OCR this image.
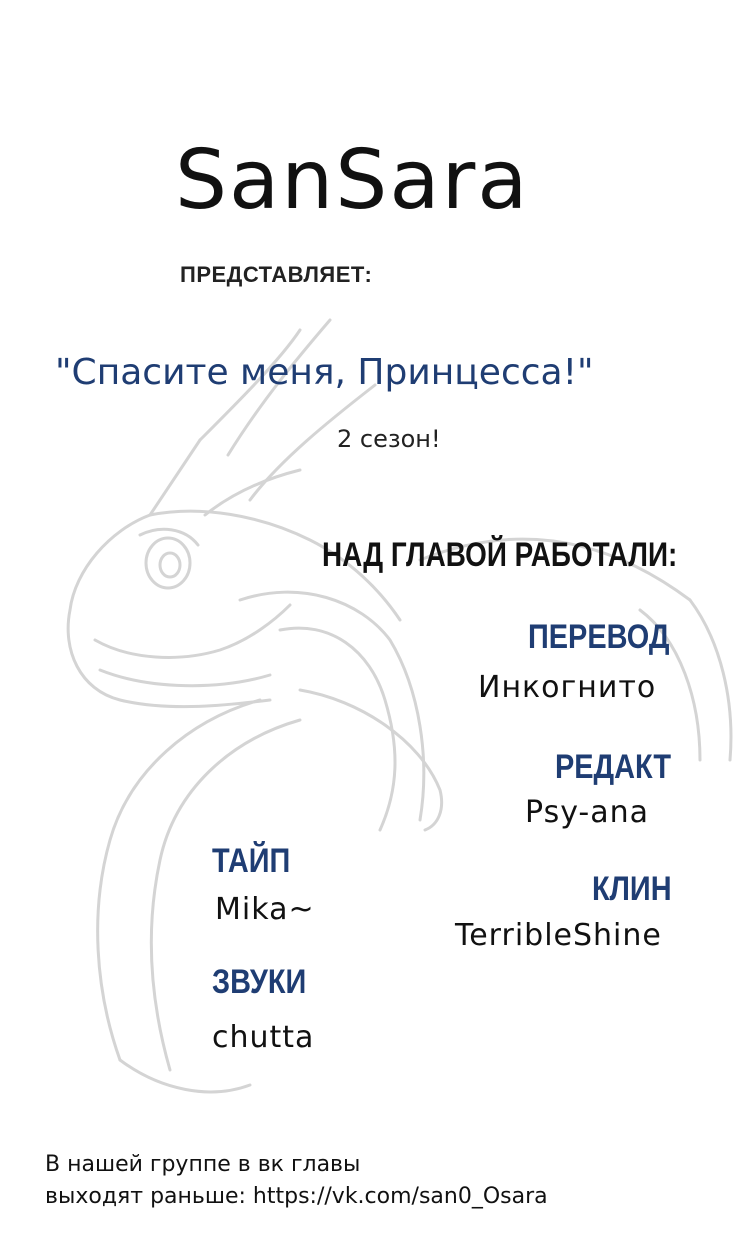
SanSara
ПРЕДСТАВЛЯЕТ:
"Спасите меня, Принцесса!"
2 сезон!
НАД ГЛАВОЙ РАБОТАЛИ:
ПЕРЕВОД
Инкогнито
РЕДАКТ
Psy-ana
ТАЙП
Mika~
КЛИН
TerribleShine
ЗВУКИ
chutta
В нашей группе в вк главы
выходят раньше: https://vk.com/san0_Osara
